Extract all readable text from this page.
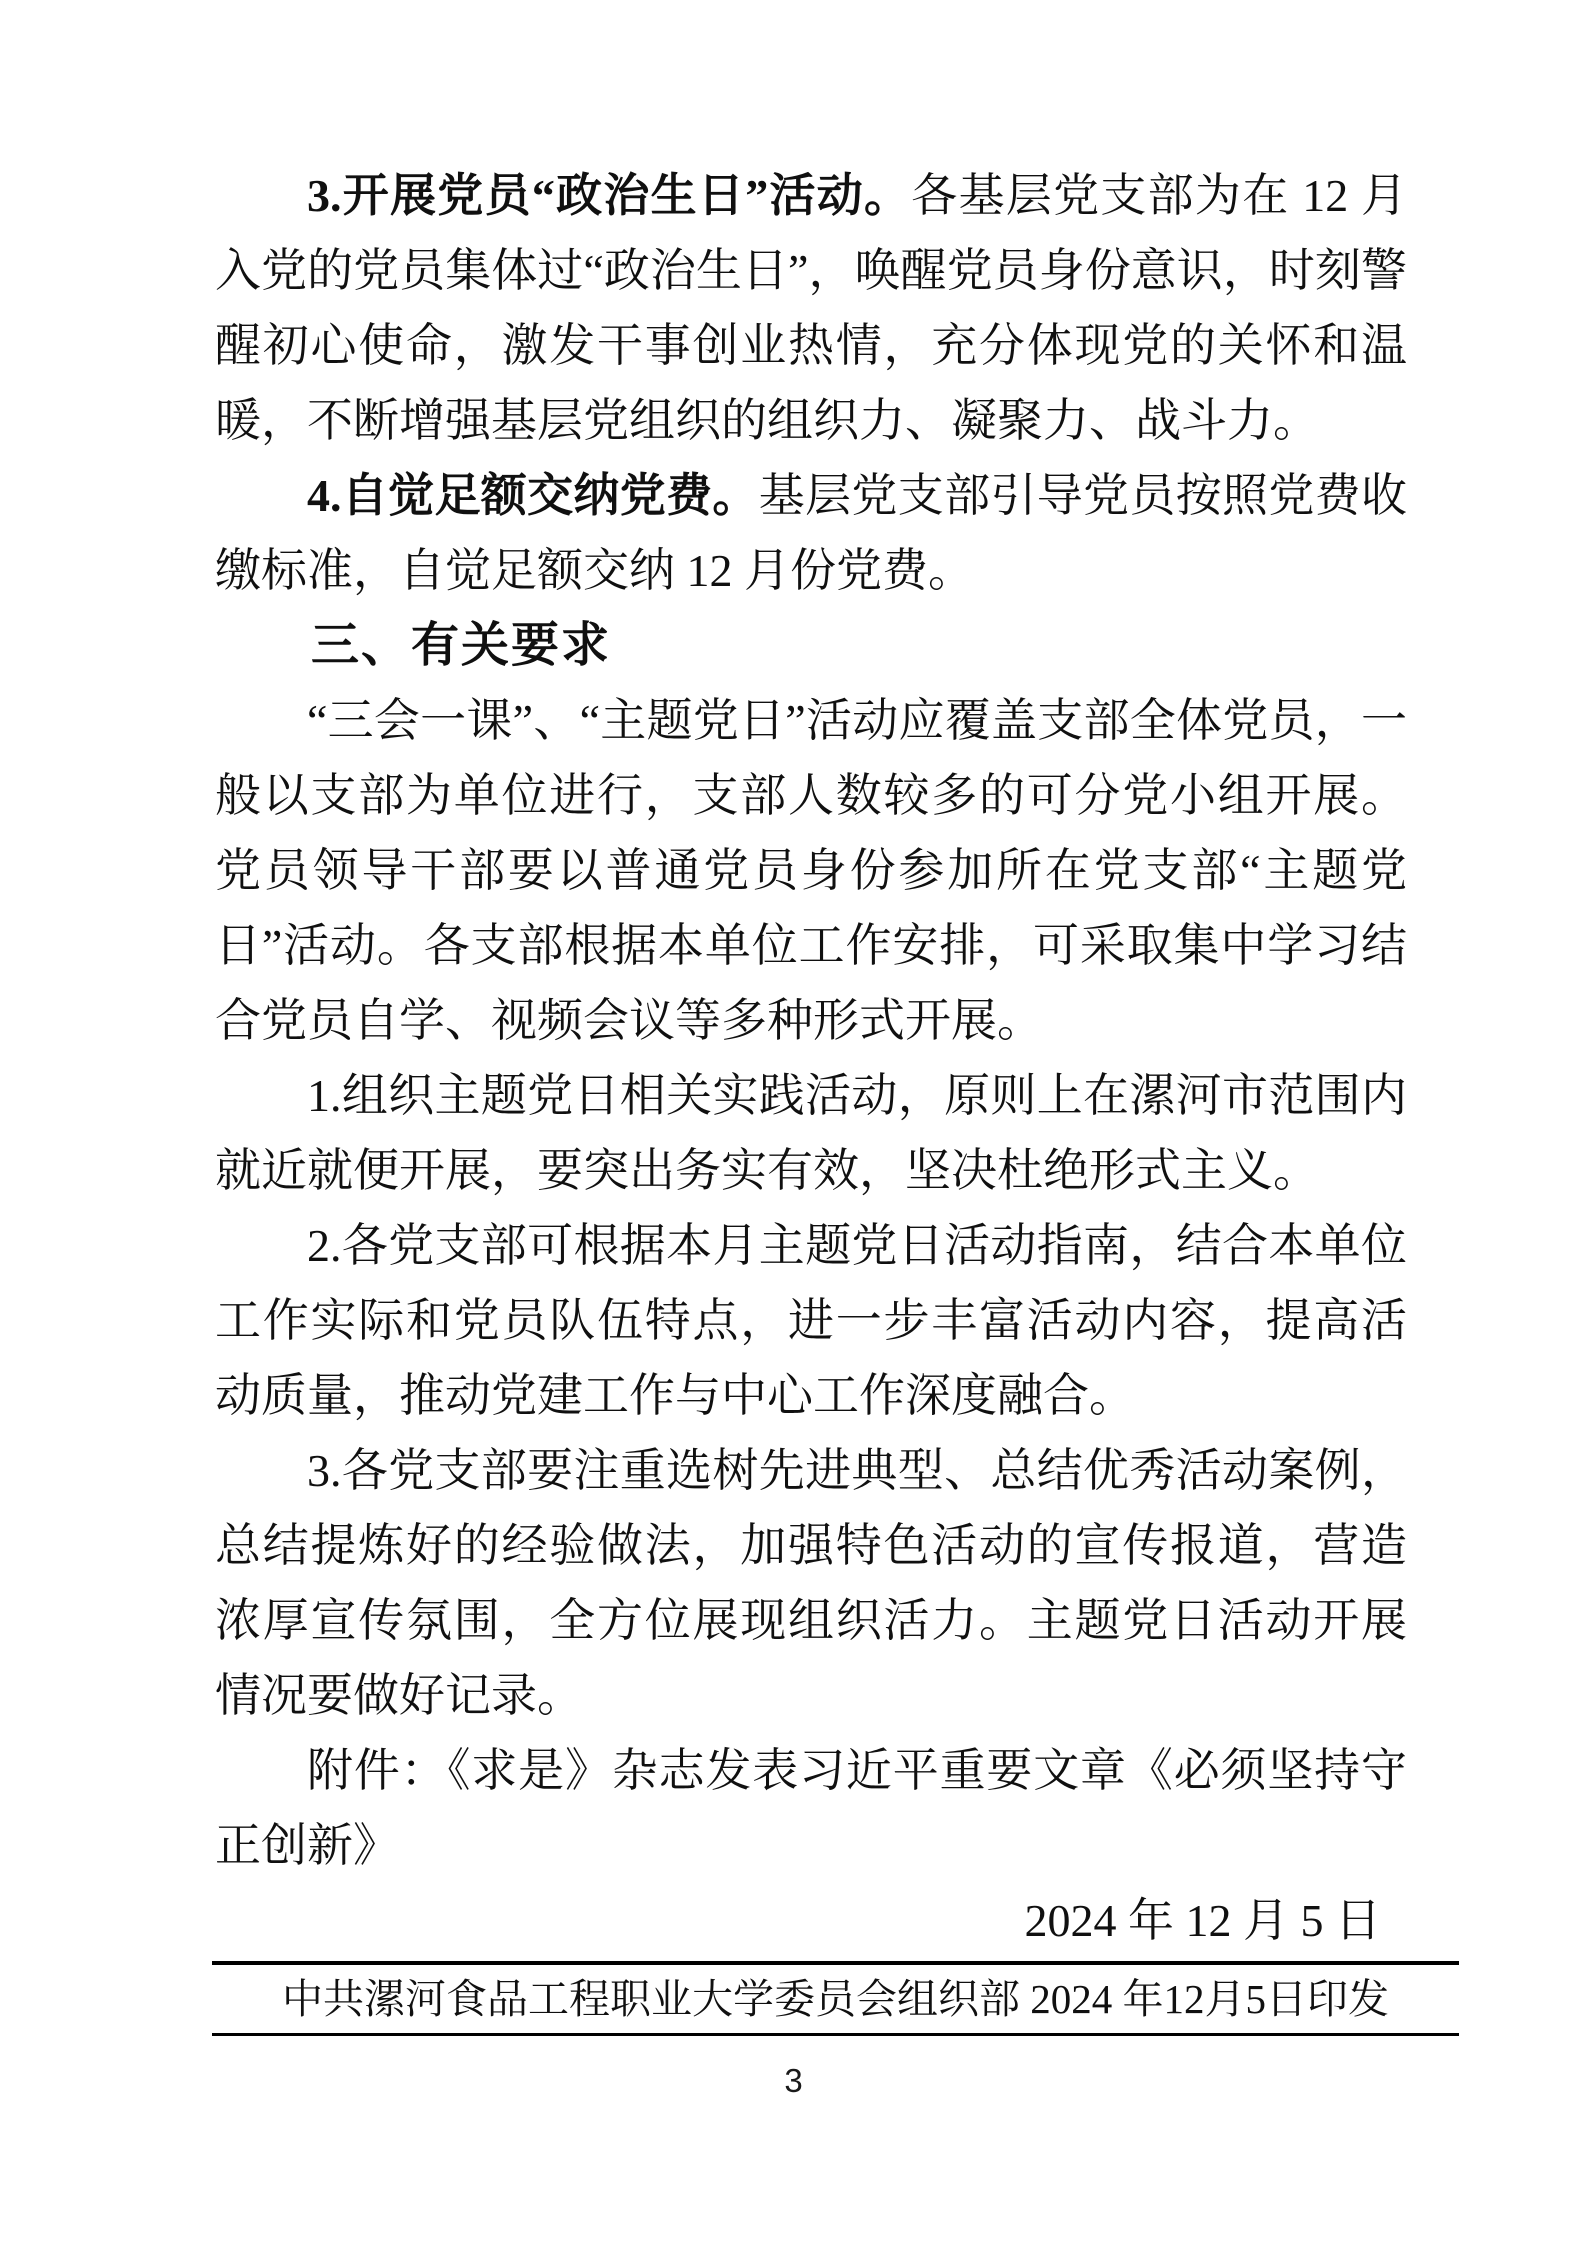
3.开展党员“政治生日”活动。各基层党支部为在 12 月入党的党员集体过“政治生日”，唤醒党员身份意识，时刻警醒初心使命，激发干事创业热情，充分体现党的关怀和温暖，不断增强基层党组织的组织力、凝聚力、战斗力。

4.自觉足额交纳党费。基层党支部引导党员按照党费收缴标准，自觉足额交纳 12 月份党费。

三、有关要求

“三会一课”、“主题党日”活动应覆盖支部全体党员，一般以支部为单位进行，支部人数较多的可分党小组开展。党员领导干部要以普通党员身份参加所在党支部“主题党日”活动。各支部根据本单位工作安排，可采取集中学习结合党员自学、视频会议等多种形式开展。

1.组织主题党日相关实践活动，原则上在漯河市范围内就近就便开展，要突出务实有效，坚决杜绝形式主义。

2.各党支部可根据本月主题党日活动指南，结合本单位工作实际和党员队伍特点，进一步丰富活动内容，提高活动质量，推动党建工作与中心工作深度融合。

3.各党支部要注重选树先进典型、总结优秀活动案例，总结提炼好的经验做法，加强特色活动的宣传报道，营造浓厚宣传氛围，全方位展现组织活力。主题党日活动开展情况要做好记录。

附件：《求是》杂志发表习近平重要文章《必须坚持守正创新》

2024 年 12 月 5 日

中共漯河食品工程职业大学委员会组织部 2024 年12月5日印发
3
